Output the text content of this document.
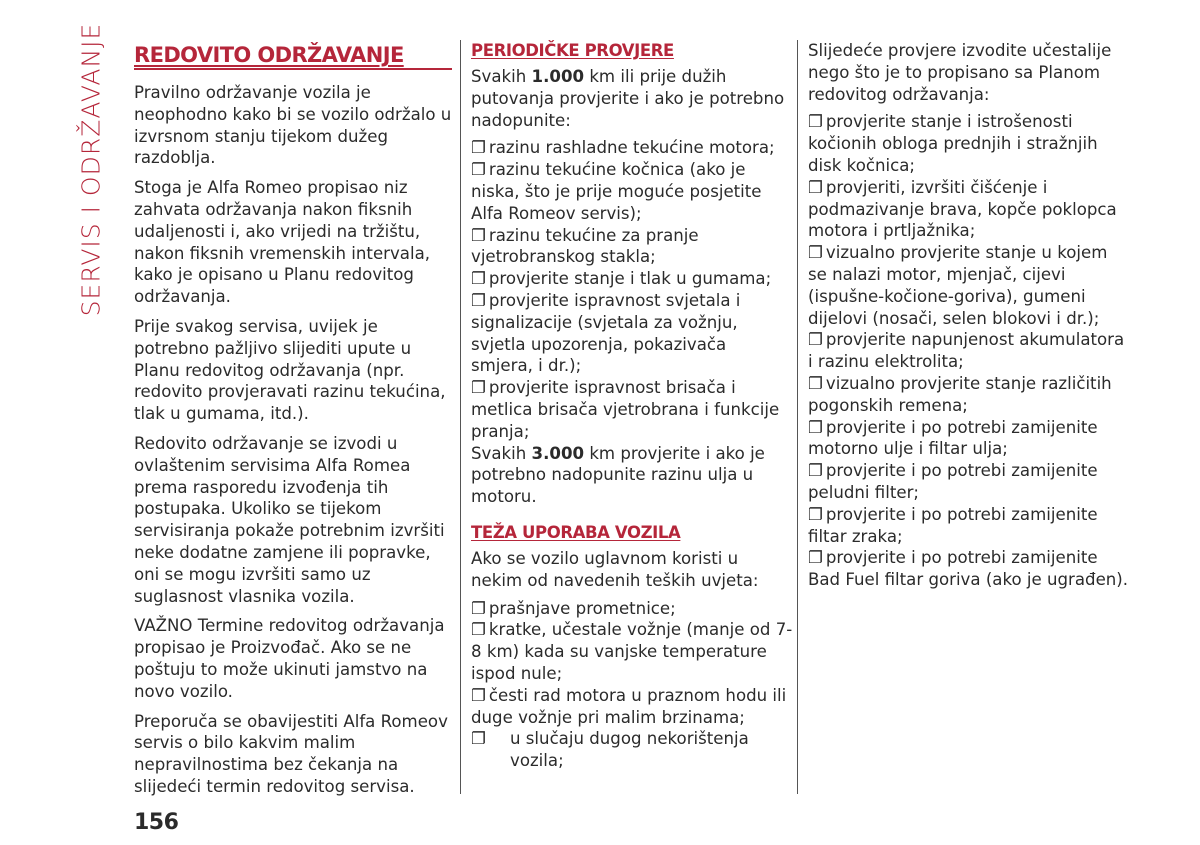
SERVIS I ODRŽAVANJE REDOVITO ODRŽAVANJE

Pravilno održavanje vozila je neophodno kako bi se vozilo održalo u izvrsnom stanju tijekom dužeg razdoblja.

Stoga je Alfa Romeo propisao niz zahvata održavanja nakon fiksnih udaljenosti i, ako vrijedi na tržištu, nakon fiksnih vremenskih intervala, kako je opisano u Planu redovitog održavanja.

Prije svakog servisa, uvijek je potrebno pažljivo slijediti upute u Planu redovitog održavanja (npr. redovito provjeravati razinu tekućina, tlak u gumama, itd.).

Redovito održavanje se izvodi u ovlaštenim servisima Alfa Romea prema rasporedu izvođenja tih postupaka. Ukoliko se tijekom servisiranja pokaže potrebnim izvršiti neke dodatne zamjene ili popravke, oni se mogu izvršiti samo uz suglasnost vlasnika vozila.

VAŽNO Termine redovitog održavanja propisao je Proizvođač. Ako se ne poštuju to može ukinuti jamstvo na novo vozilo.

Preporuča se obavijestiti Alfa Romeov servis o bilo kakvim malim nepravilnostima bez čekanja na slijedeći termin redovitog servisa.

PERIODIČKE PROVJERE

Svakih 1.000 km ili prije dužih putovanja provjerite i ako je potrebno nadopunite:

❐ razinu rashladne tekućine motora;
❐ razinu tekućine kočnica (ako je niska, što je prije moguće posjetite Alfa Romeov servis);
❐ razinu tekućine za pranje vjetrobranskog stakla;
❐ provjerite stanje i tlak u gumama;
❐ provjerite ispravnost svjetala i signalizacije (svjetala za vožnju, svjetla upozorenja, pokazivača smjera, i dr.);
❐ provjerite ispravnost brisača i metlica brisača vjetrobrana i funkcije pranja;

Svakih 3.000 km provjerite i ako je potrebno nadopunite razinu ulja u motoru.

TEŽA UPORABA VOZILA

Ako se vozilo uglavnom koristi u nekim od navedenih teških uvjeta:

❐ prašnjave prometnice;
❐ kratke, učestale vožnje (manje od 7-8 km) kada su vanjske temperature ispod nule;
❐ česti rad motora u praznom hodu ili duge vožnje pri malim brzinama;
❐	u slučaju dugog nekorištenja vozila;

Slijedeće provjere izvodite učestalije nego što je to propisano sa Planom redovitog održavanja:

❐ provjerite stanje i istrošenosti kočionih obloga prednjih i stražnjih disk kočnica;
❐ provjeriti, izvršiti čišćenje i podmazivanje brava, kopče poklopca motora i prtljažnika;
❐ vizualno provjerite stanje u kojem se nalazi motor, mjenjač, cijevi (ispušne-kočione-goriva), gumeni dijelovi (nosači, selen blokovi i dr.);
❐ provjerite napunjenost akumulatora i razinu elektrolita;
❐ vizualno provjerite stanje različitih pogonskih remena;
❐ provjerite i po potrebi zamijenite motorno ulje i filtar ulja;
❐ provjerite i po potrebi zamijenite peludni filter;
❐ provjerite i po potrebi zamijenite filtar zraka;
❐ provjerite i po potrebi zamijenite Bad Fuel filtar goriva (ako je ugrađen).
156
